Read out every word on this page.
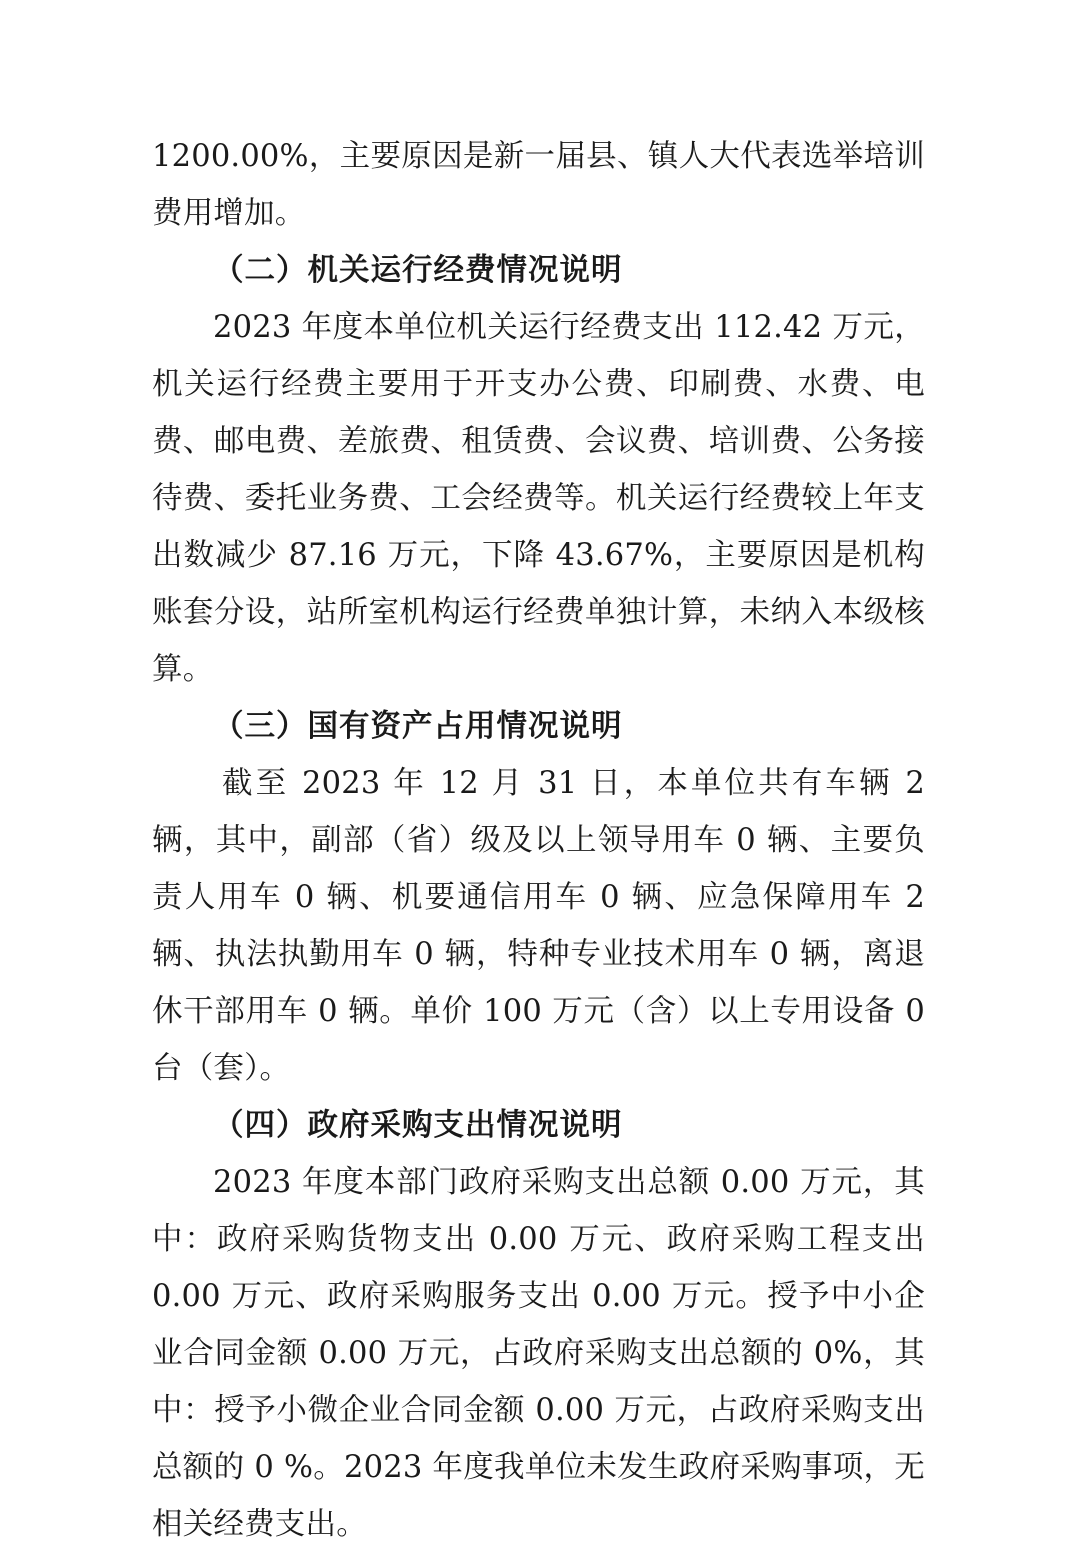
1200.00%，主要原因是新一届县、镇人大代表选举培训费用增加。

（二）机关运行经费情况说明

2023 年度本单位机关运行经费支出 112.42 万元，机关运行经费主要用于开支办公费、印刷费、水费、电费、邮电费、差旅费、租赁费、会议费、培训费、公务接待费、委托业务费、工会经费等。机关运行经费较上年支出数减少 87.16 万元，下降 43.67%，主要原因是机构账套分设，站所室机构运行经费单独计算，未纳入本级核算。

（三）国有资产占用情况说明

截至 2023 年 12 月 31 日，本单位共有车辆 2 辆，其中，副部（省）级及以上领导用车 0 辆、主要负责人用车 0 辆、机要通信用车 0 辆、应急保障用车 2 辆、执法执勤用车 0 辆，特种专业技术用车 0 辆，离退休干部用车 0 辆。单价 100 万元（含）以上专用设备 0 台（套）。

（四）政府采购支出情况说明

2023 年度本部门政府采购支出总额 0.00 万元，其中：政府采购货物支出 0.00 万元、政府采购工程支出 0.00 万元、政府采购服务支出 0.00 万元。授予中小企业合同金额 0.00 万元，占政府采购支出总额的 0%，其中：授予小微企业合同金额 0.00 万元，占政府采购支出总额的 0 %。2023 年度我单位未发生政府采购事项，无相关经费支出。
